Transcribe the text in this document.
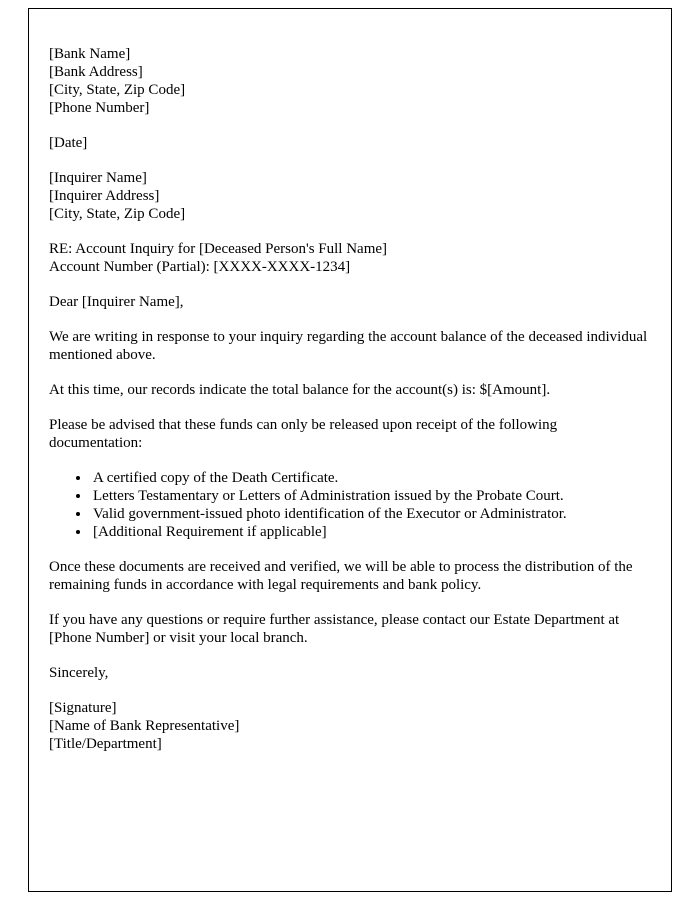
[Bank Name]
[Bank Address]
[City, State, Zip Code]
[Phone Number]
[Date]
[Inquirer Name]
[Inquirer Address]
[City, State, Zip Code]
RE: Account Inquiry for [Deceased Person's Full Name]
Account Number (Partial): [XXXX-XXXX-1234]

Dear [Inquirer Name],

We are writing in response to your inquiry regarding the account balance of the deceased individual mentioned above.

At this time, our records indicate the total balance for the account(s) is: $[Amount].

Please be advised that these funds can only be released upon receipt of the following documentation:

• A certified copy of the Death Certificate.
• Letters Testamentary or Letters of Administration issued by the Probate Court.
• Valid government-issued photo identification of the Executor or Administrator.
• [Additional Requirement if applicable]

Once these documents are received and verified, we will be able to process the distribution of the remaining funds in accordance with legal requirements and bank policy.

If you have any questions or require further assistance, please contact our Estate Department at [Phone Number] or visit your local branch.

Sincerely,

[Signature]
[Name of Bank Representative]
[Title/Department]
